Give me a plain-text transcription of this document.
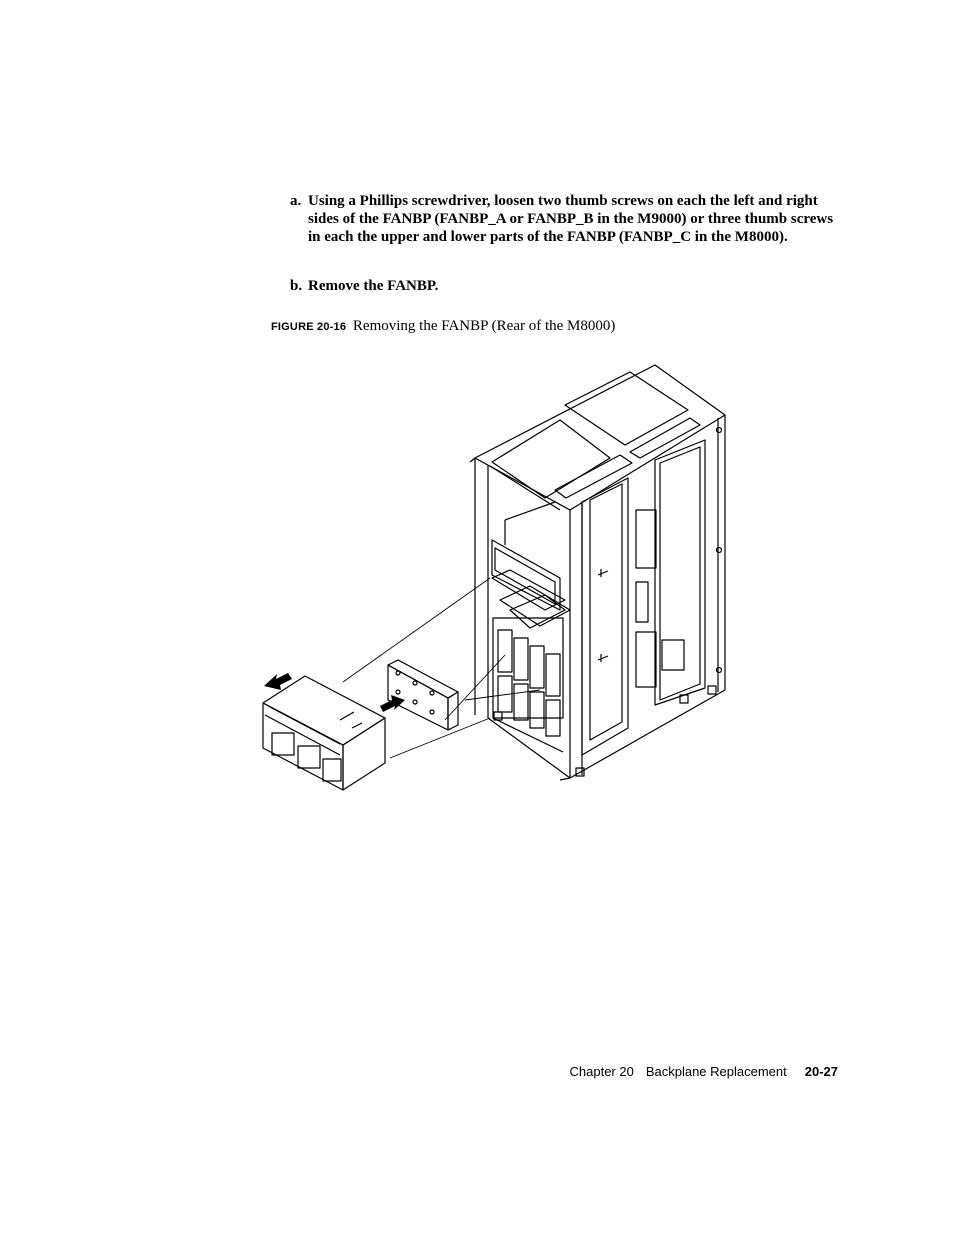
a. Using a Phillips screwdriver, loosen two thumb screws on each the left and right sides of the FANBP (FANBP_A or FANBP_B in the M9000) or three thumb screws in each the upper and lower parts of the FANBP (FANBP_C in the M8000).
b. Remove the FANBP.
FIGURE 20-16 Removing the FANBP (Rear of the M8000)
Chapter 20 Backplane Replacement 20-27
